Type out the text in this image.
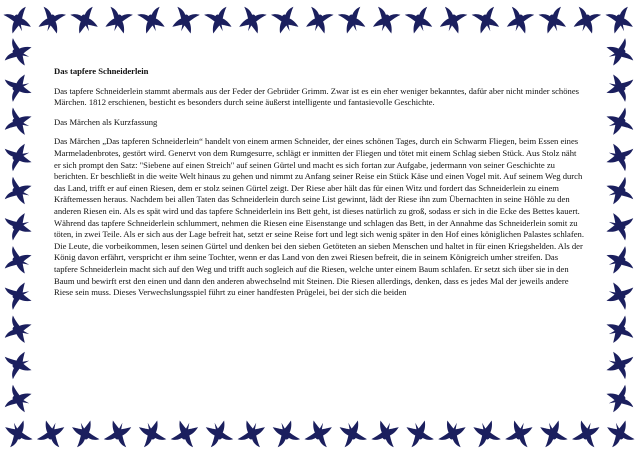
Das tapfere Schneiderlein

Das tapfere Schneiderlein stammt abermals aus der Feder der Gebrüder Grimm. Zwar ist es ein eher weniger bekanntes, dafür aber nicht minder schönes Märchen. 1812 erschienen, besticht es besonders durch seine äußerst intelligente und fantasievolle Geschichte.

Das Märchen als Kurzfassung

Das Märchen „Das tapferen Schneiderlein“ handelt von einem armen Schneider, der eines schönen Tages, durch ein Schwarm Fliegen, beim Essen eines Marmeladenbrotes, gestört wird. Genervt von dem Rumgesurre, schlägt er inmitten der Fliegen und tötet mit einem Schlag sieben Stück. Aus Stolz näht er sich prompt den Satz: "Siebene auf einen Streich" auf seinen Gürtel und macht es sich fortan zur Aufgabe, jedermann von seiner Geschichte zu berichten. Er beschließt in die weite Welt hinaus zu gehen und nimmt zu Anfang seiner Reise ein Stück Käse und einen Vogel mit. Auf seinem Weg durch das Land, trifft er auf einen Riesen, dem er stolz seinen Gürtel zeigt. Der Riese aber hält das für einen Witz und fordert das Schneiderlein zu einem Kräftemessen heraus. Nachdem bei allen Taten das Schneiderlein durch seine List gewinnt, lädt der Riese ihn zum Übernachten in seine Höhle zu den anderen Riesen ein. Als es spät wird und das tapfere Schneiderlein ins Bett geht, ist dieses natürlich zu groß, sodass er sich in die Ecke des Bettes kauert. Während das tapfere Schneiderlein schlummert, nehmen die Riesen eine Eisenstange und schlagen das Bett, in der Annahme das Schneiderlein somit zu töten, in zwei Teile. Als er sich aus der Lage befreit hat, setzt er seine Reise fort und legt sich wenig später in den Hof eines königlichen Palastes schlafen. Die Leute, die vorbeikommen, lesen seinen Gürtel und denken bei den sieben Getöteten an sieben Menschen und haltet in für einen Kriegshelden. Als der König davon erfährt, verspricht er ihm seine Tochter, wenn er das Land von den zwei Riesen befreit, die in seinem Königreich umher streifen. Das tapfere Schneiderlein macht sich auf den Weg und trifft auch sogleich auf die Riesen, welche unter einem Baum schlafen. Er setzt sich über sie in den Baum und bewirft erst den einen und dann den anderen abwechselnd mit Steinen. Die Riesen allerdings, denken, dass es jedes Mal der jeweils andere Riese sein muss. Dieses Verwechslungsspiel führt zu einer handfesten Prügelei, bei der sich die beiden
